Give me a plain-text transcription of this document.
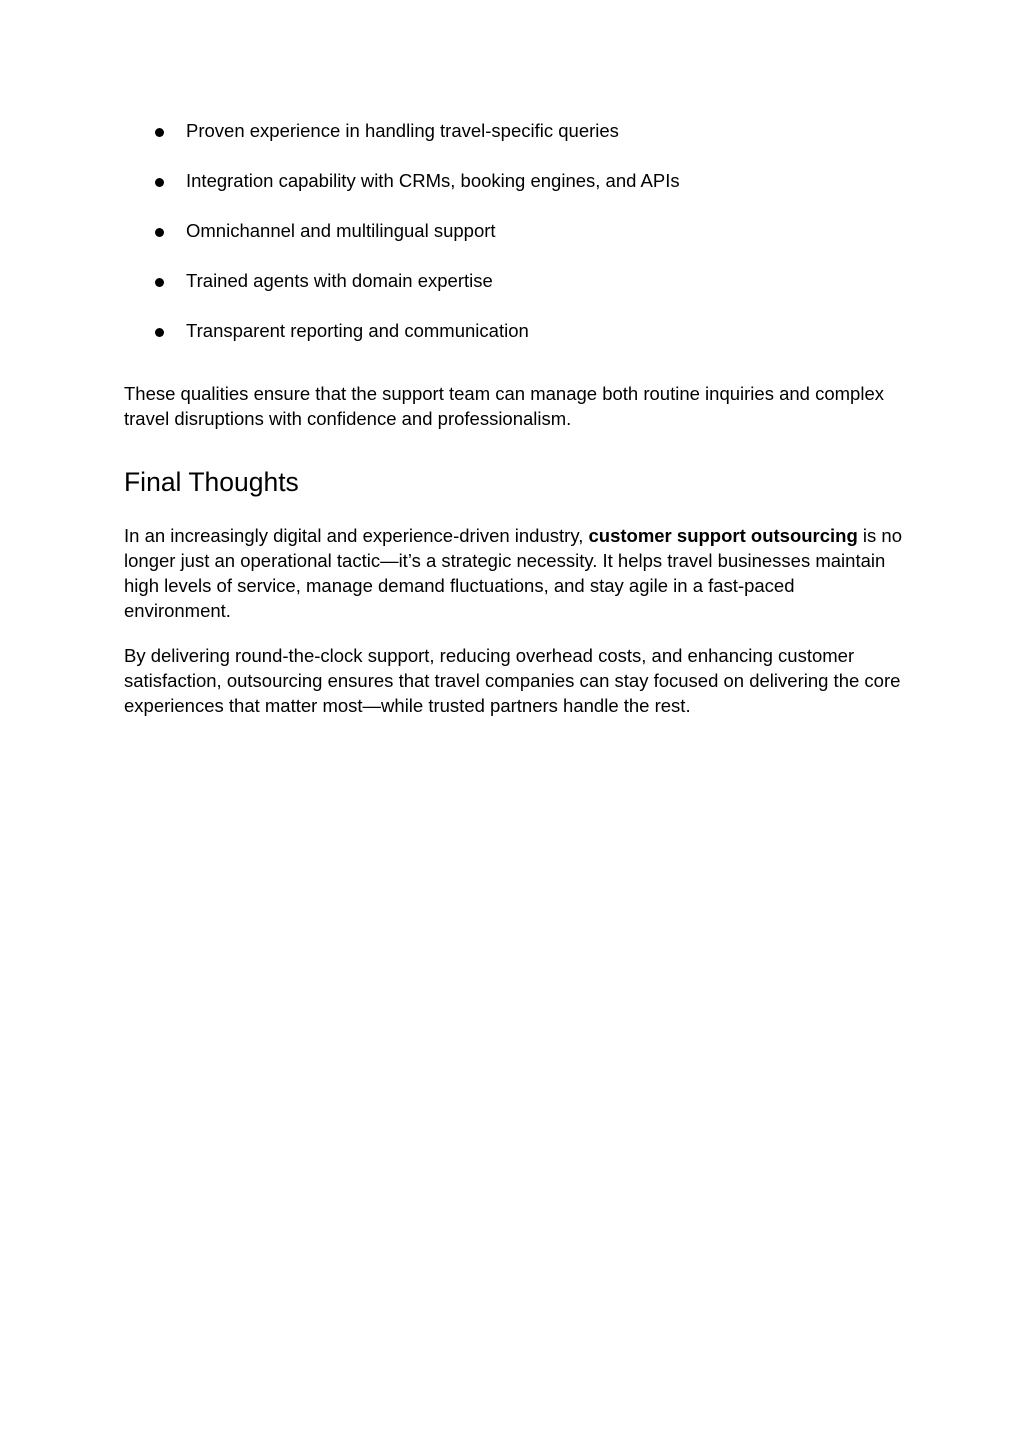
Proven experience in handling travel-specific queries
Integration capability with CRMs, booking engines, and APIs
Omnichannel and multilingual support
Trained agents with domain expertise
Transparent reporting and communication

These qualities ensure that the support team can manage both routine inquiries and complex travel disruptions with confidence and professionalism.

Final Thoughts

In an increasingly digital and experience-driven industry, customer support outsourcing is no longer just an operational tactic—it’s a strategic necessity. It helps travel businesses maintain high levels of service, manage demand fluctuations, and stay agile in a fast-paced environment.

By delivering round-the-clock support, reducing overhead costs, and enhancing customer satisfaction, outsourcing ensures that travel companies can stay focused on delivering the core experiences that matter most—while trusted partners handle the rest.
